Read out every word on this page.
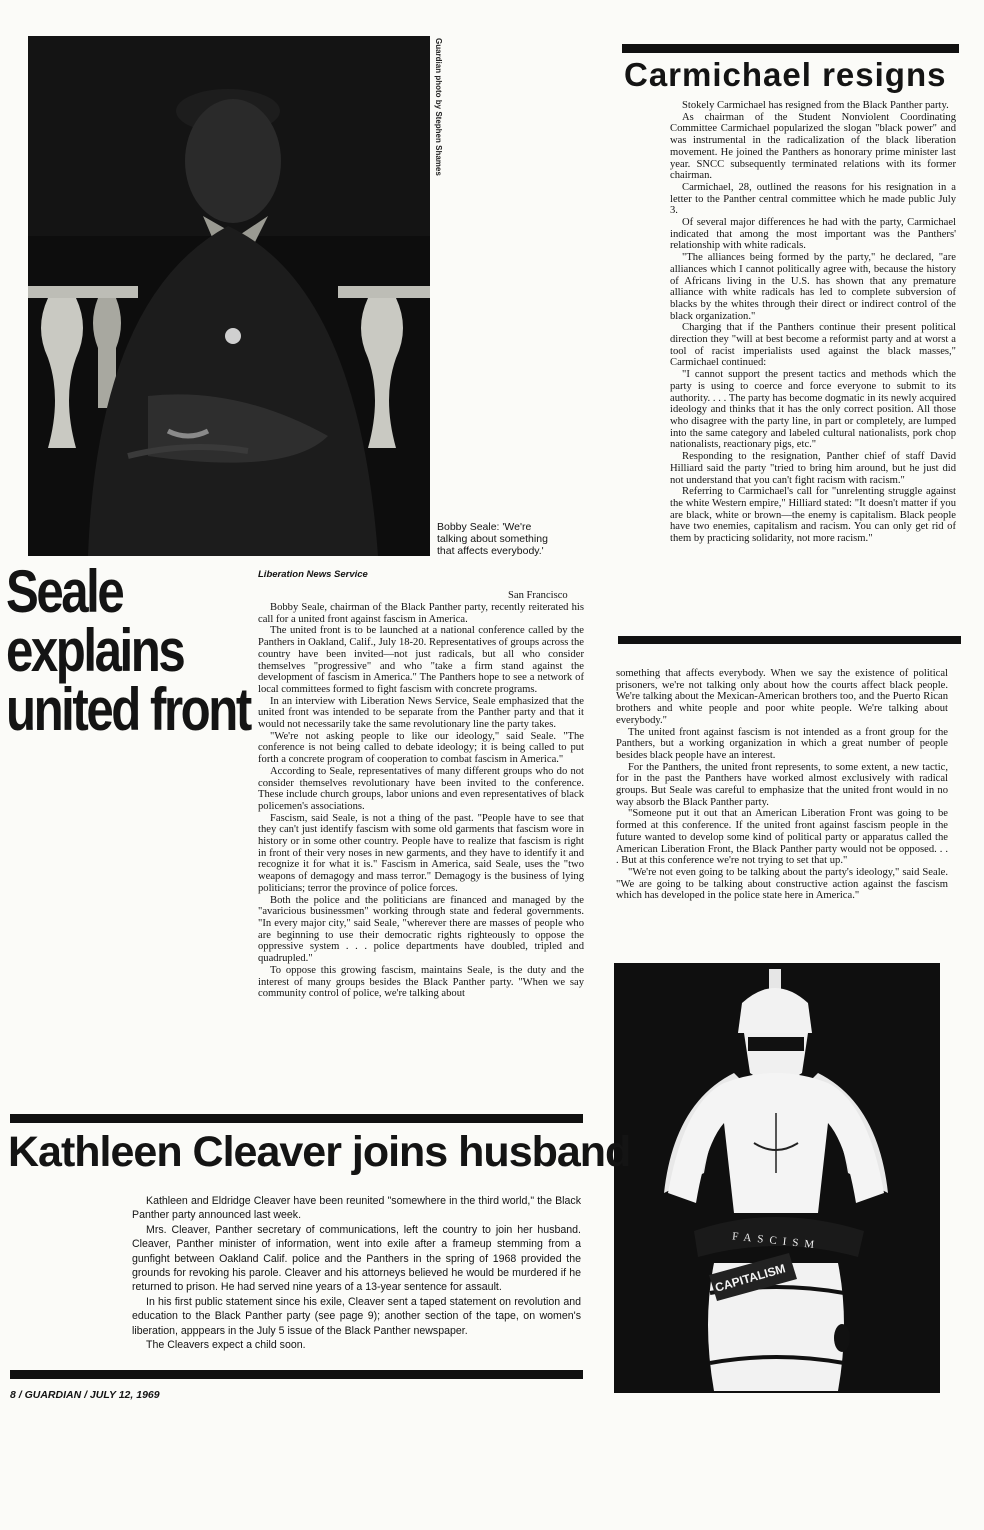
Guardian photo by Stephen Shames
Bobby Seale: 'We're talking about something that affects everybody.'
Seale
explains
united front
Liberation News Service
San Francisco

Bobby Seale, chairman of the Black Panther party, recently reiterated his call for a united front against fascism in America.

The united front is to be launched at a national conference called by the Panthers in Oakland, Calif., July 18-20. Representatives of groups across the country have been invited—not just radicals, but all who consider themselves "progressive" and who "take a firm stand against the development of fascism in America." The Panthers hope to see a network of local committees formed to fight fascism with concrete programs.

In an interview with Liberation News Service, Seale emphasized that the united front was intended to be separate from the Panther party and that it would not necessarily take the same revolutionary line the party takes.

"We're not asking people to like our ideology," said Seale. "The conference is not being called to debate ideology; it is being called to put forth a concrete program of cooperation to combat fascism in America."

According to Seale, representatives of many different groups who do not consider themselves revolutionary have been invited to the conference. These include church groups, labor unions and even representatives of black policemen's associations.

Fascism, said Seale, is not a thing of the past. "People have to see that they can't just identify fascism with some old garments that fascism wore in history or in some other country. People have to realize that fascism is right in front of their very noses in new garments, and they have to identify it and recognize it for what it is." Fascism in America, said Seale, uses the "two weapons of demagogy and mass terror." Demagogy is the business of lying politicians; terror the province of police forces.

Both the police and the politicians are financed and managed by the "avaricious businessmen" working through state and federal governments. "In every major city," said Seale, "wherever there are masses of people who are beginning to use their democratic rights righteously to oppose the oppressive system . . . police departments have doubled, tripled and quadrupled."

To oppose this growing fascism, maintains Seale, is the duty and the interest of many groups besides the Black Panther party. "When we say community control of police, we're talking about

Carmichael resigns

Stokely Carmichael has resigned from the Black Panther party.

As chairman of the Student Nonviolent Coordinating Committee Carmichael popularized the slogan "black power" and was instrumental in the radicalization of the black liberation movement. He joined the Panthers as honorary prime minister last year. SNCC subsequently terminated relations with its former chairman.

Carmichael, 28, outlined the reasons for his resignation in a letter to the Panther central committee which he made public July 3.

Of several major differences he had with the party, Carmichael indicated that among the most important was the Panthers' relationship with white radicals.

"The alliances being formed by the party," he declared, "are alliances which I cannot politically agree with, because the history of Africans living in the U.S. has shown that any premature alliance with white radicals has led to complete subversion of blacks by the whites through their direct or indirect control of the black organization."

Charging that if the Panthers continue their present political direction they "will at best become a reformist party and at worst a tool of racist imperialists used against the black masses," Carmichael continued:

"I cannot support the present tactics and methods which the party is using to coerce and force everyone to submit to its authority. . . . The party has become dogmatic in its newly acquired ideology and thinks that it has the only correct position. All those who disagree with the party line, in part or completely, are lumped into the same category and labeled cultural nationalists, pork chop nationalists, reactionary pigs, etc."

Responding to the resignation, Panther chief of staff David Hilliard said the party "tried to bring him around, but he just did not understand that you can't fight racism with racism."

Referring to Carmichael's call for "unrelenting struggle against the white Western empire," Hilliard stated: "It doesn't matter if you are black, white or brown—the enemy is capitalism. Black people have two enemies, capitalism and racism. You can only get rid of them by practicing solidarity, not more racism."

something that affects everybody. When we say the existence of political prisoners, we're not talking only about how the courts affect black people. We're talking about the Mexican-American brothers too, and the Puerto Rican brothers and white people and poor white people. We're talking about everybody."

The united front against fascism is not intended as a front group for the Panthers, but a working organization in which a great number of people besides black people have an interest.

For the Panthers, the united front represents, to some extent, a new tactic, for in the past the Panthers have worked almost exclusively with radical groups. But Seale was careful to emphasize that the united front would in no way absorb the Black Panther party.

"Someone put it out that an American Liberation Front was going to be formed at this conference. If the united front against fascism people in the future wanted to develop some kind of political party or apparatus called the American Liberation Front, the Black Panther party would not be opposed. . . . But at this conference we're not trying to set that up."

"We're not even going to be talking about the party's ideology," said Seale. "We are going to be talking about constructive action against the fascism which has developed in the police state here in America."

FASCISM
CAPITALISM
Kathleen Cleaver joins husband

Kathleen and Eldridge Cleaver have been reunited "somewhere in the third world," the Black Panther party announced last week.

Mrs. Cleaver, Panther secretary of communications, left the country to join her husband. Cleaver, Panther minister of information, went into exile after a frameup stemming from a gunfight between Oakland Calif. police and the Panthers in the spring of 1968 provided the grounds for revoking his parole. Cleaver and his attorneys believed he would be murdered if he returned to prison. He had served nine years of a 13-year sentence for assault.

In his first public statement since his exile, Cleaver sent a taped statement on revolution and education to the Black Panther party (see page 9); another section of the tape, on women's liberation, apppears in the July 5 issue of the Black Panther newspaper.

The Cleavers expect a child soon.

8 / GUARDIAN / JULY 12, 1969
